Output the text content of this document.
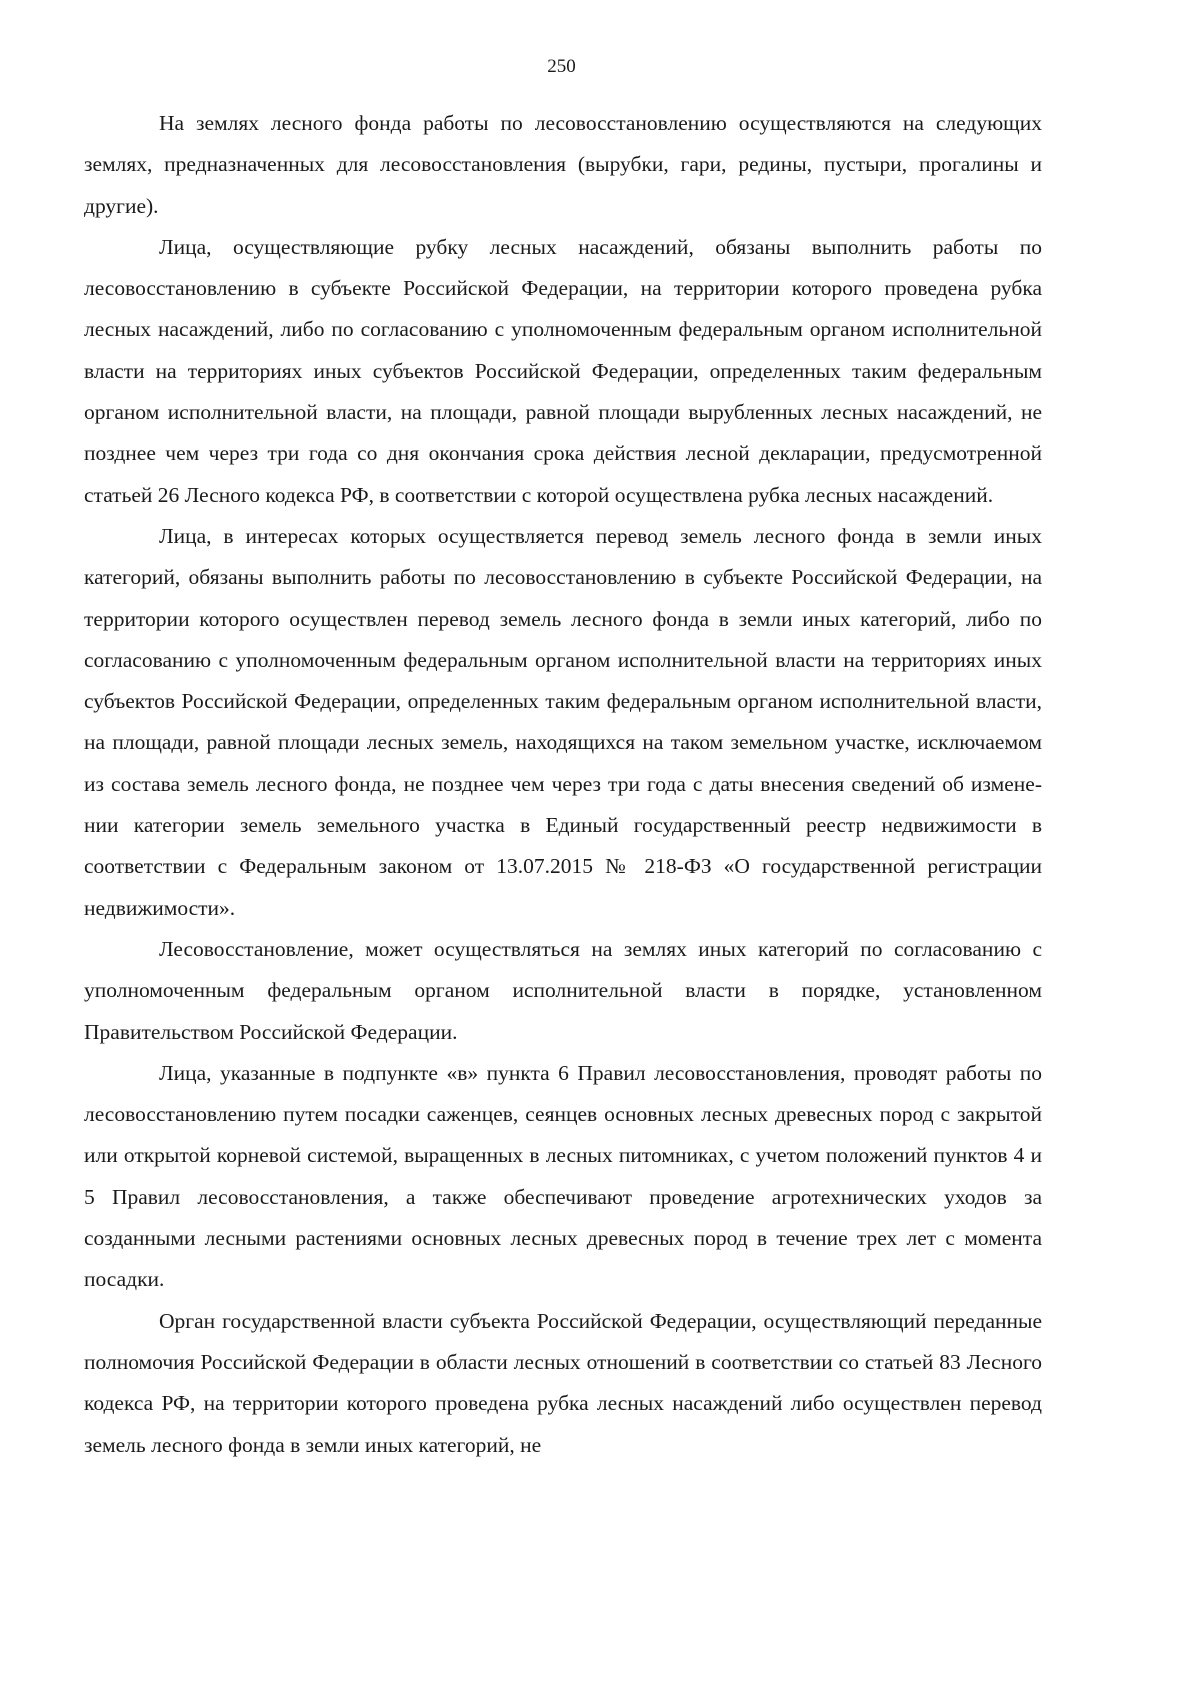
250

На землях лесного фонда работы по лесовосстановлению осуществляются на следующих землях, предназначенных для лесовосстановления (вырубки, гари, редины, пустыри, прогалины и другие).

Лица, осуществляющие рубку лесных насаждений, обязаны выполнить работы по лесовосстановлению в субъекте Российской Федерации, на территории которого проведена рубка лесных насаждений, либо по согласованию с уполномоченным федеральным органом исполнительной власти на территориях иных субъектов Российской Федерации, определенных таким федеральным органом исполнительной власти, на площади, равной площади вырубленных лесных насаждений, не позднее чем через три года со дня окончания срока действия лесной декларации, предусмотренной статьей 26 Лесного кодекса РФ, в соответствии с которой осуществлена рубка лесных насаждений.

Лица, в интересах которых осуществляется перевод земель лесного фонда в земли иных категорий, обязаны выполнить работы по лесовосстановлению в субъекте Российской Федерации, на территории которого осуществлен перевод земель лесного фонда в земли иных категорий, либо по согласованию с уполномоченным федеральным органом исполнительной власти на территориях иных субъектов Российской Федерации, определенных таким федеральным органом исполнительной власти, на площади, равной площади лесных земель, находящихся на таком земельном участке, исключаемом из состава земель лесного фонда, не позднее чем через три года с даты внесения сведений об изменении категории земель земельного участка в Единый государственный реестр недвижимости в соответствии с Федеральным законом от 13.07.2015 № 218-ФЗ «О государственной регистрации недвижимости».

Лесовосстановление, может осуществляться на землях иных категорий по согласованию с уполномоченным федеральным органом исполнительной власти в порядке, установленном Правительством Российской Федерации.

Лица, указанные в подпункте «в» пункта 6 Правил лесовосстановления, проводят работы по лесовосстановлению путем посадки саженцев, сеянцев основных лесных древесных пород с закрытой или открытой корневой системой, выращенных в лесных питомниках, с учетом положений пунктов 4 и 5 Правил лесовосстановления, а также обеспечивают проведение агротехнических уходов за созданными лесными растениями основных лесных древесных пород в течение трех лет с момента посадки.

Орган государственной власти субъекта Российской Федерации, осуществляющий переданные полномочия Российской Федерации в области лесных отношений в соответствии со статьей 83 Лесного кодекса РФ, на территории которого проведена рубка лесных насаждений либо осуществлен перевод земель лесного фонда в земли иных категорий, не
